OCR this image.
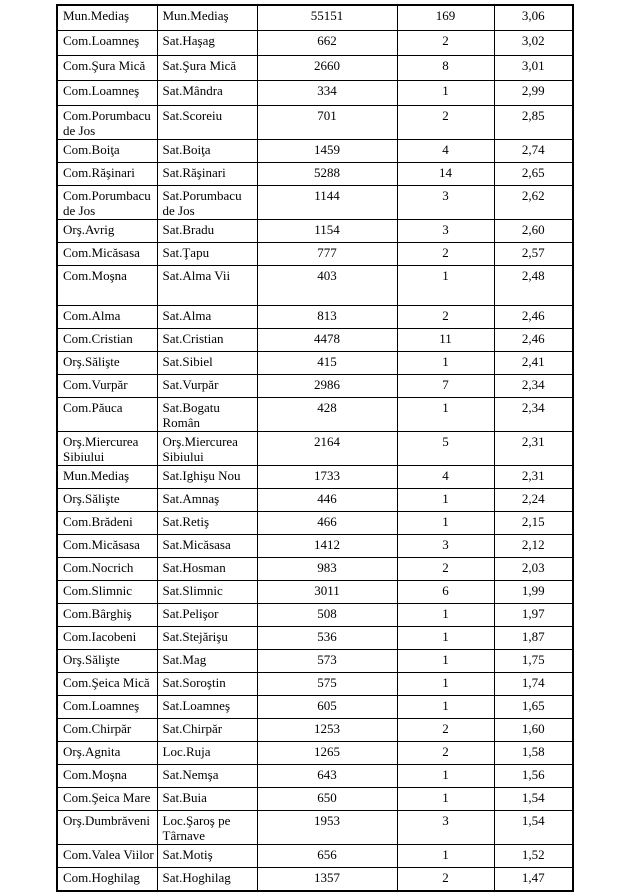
Mun.Mediaş	Mun.Mediaş	55151	169	3,06
Com.Loamneş	Sat.Haşag	662	2	3,02
Com.Şura Mică	Sat.Şura Mică	2660	8	3,01
Com.Loamneş	Sat.Mândra	334	1	2,99
Com.Porumbacu de Jos	Sat.Scoreiu	701	2	2,85
Com.Boiţa	Sat.Boiţa	1459	4	2,74
Com.Răşinari	Sat.Răşinari	5288	14	2,65
Com.Porumbacu de Jos	Sat.Porumbacu de Jos	1144	3	2,62
Orş.Avrig	Sat.Bradu	1154	3	2,60
Com.Micăsasa	Sat.Ţapu	777	2	2,57
Com.Moşna	Sat.Alma Vii	403	1	2,48
Com.Alma	Sat.Alma	813	2	2,46
Com.Cristian	Sat.Cristian	4478	11	2,46
Orş.Sălişte	Sat.Sibiel	415	1	2,41
Com.Vurpăr	Sat.Vurpăr	2986	7	2,34
Com.Păuca	Sat.Bogatu Român	428	1	2,34
Orş.Miercurea Sibiului	Orş.Miercurea Sibiului	2164	5	2,31
Mun.Mediaş	Sat.Ighişu Nou	1733	4	2,31
Orş.Sălişte	Sat.Amnaş	446	1	2,24
Com.Brădeni	Sat.Retiş	466	1	2,15
Com.Micăsasa	Sat.Micăsasa	1412	3	2,12
Com.Nocrich	Sat.Hosman	983	2	2,03
Com.Slimnic	Sat.Slimnic	3011	6	1,99
Com.Bârghiş	Sat.Pelişor	508	1	1,97
Com.Iacobeni	Sat.Stejărişu	536	1	1,87
Orş.Sălişte	Sat.Mag	573	1	1,75
Com.Şeica Mică	Sat.Soroştin	575	1	1,74
Com.Loamneş	Sat.Loamneş	605	1	1,65
Com.Chirpăr	Sat.Chirpăr	1253	2	1,60
Orş.Agnita	Loc.Ruja	1265	2	1,58
Com.Moşna	Sat.Nemşa	643	1	1,56
Com.Şeica Mare	Sat.Buia	650	1	1,54
Orş.Dumbrăveni	Loc.Şaroş pe Târnave	1953	3	1,54
Com.Valea Viilor	Sat.Motiş	656	1	1,52
Com.Hoghilag	Sat.Hoghilag	1357	2	1,47
